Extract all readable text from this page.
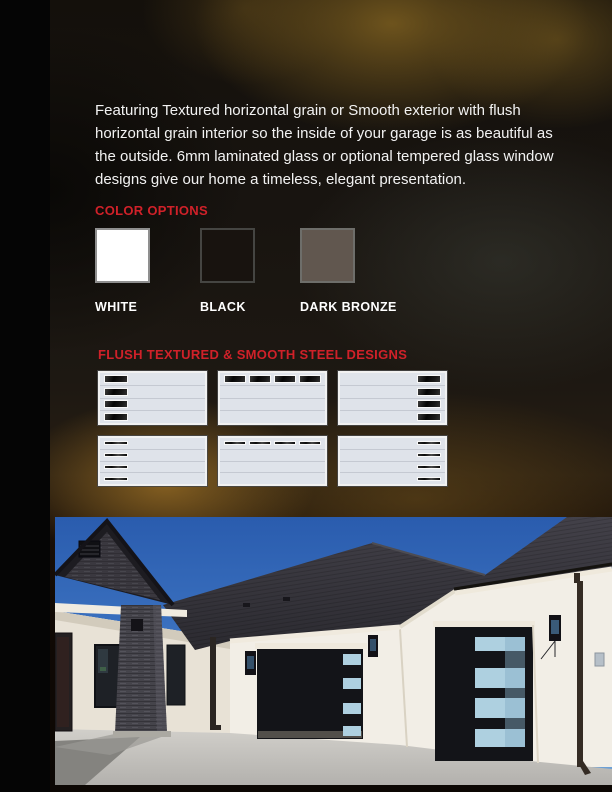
Featuring Textured horizontal grain or Smooth exterior with flush horizontal grain interior so the inside of your garage is as beautiful as the outside. 6mm laminated glass or optional tempered glass window designs give our home a timeless, elegant presentation.

COLOR OPTIONS
WHITE	BLACK	DARK BRONZE
FLUSH TEXTURED & SMOOTH STEEL DESIGNS
